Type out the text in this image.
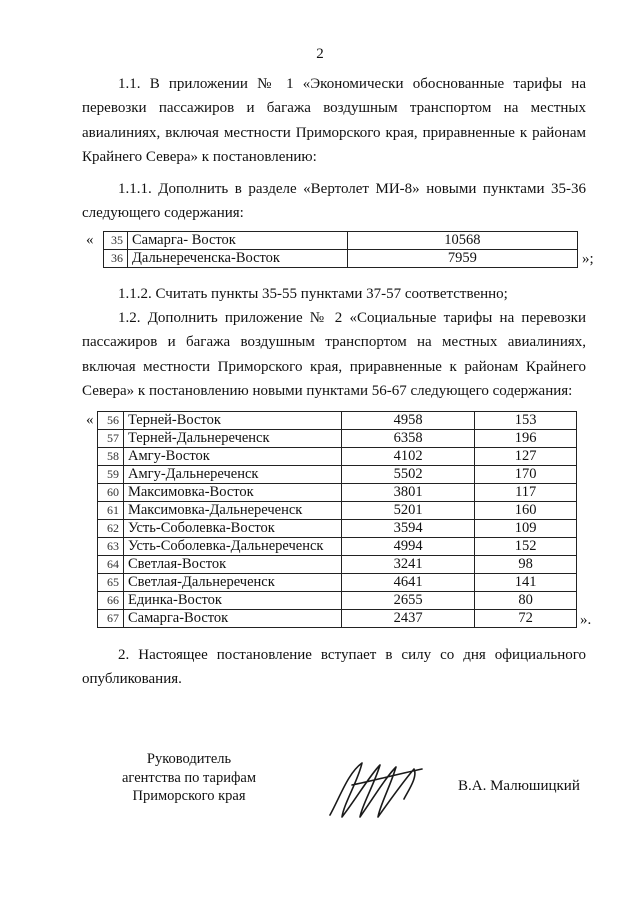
2

1.1. В приложении № 1 «Экономически обоснованные тарифы на перевозки пассажиров и багажа воздушным транспортом на местных авиалиниях, включая местности Приморского края, приравненные к районам Крайнего Севера» к постановлению:

1.1.1. Дополнить в разделе «Вертолет МИ-8» новыми пунктами 35-36 следующего содержания:

« 35	Самарга- Восток	10568
36	Дальнереченска-Восток	7959	»;

1.1.2. Считать пункты 35-55 пунктами 37-57 соответственно;

1.2. Дополнить приложение № 2 «Социальные тарифы на перевозки пассажиров и багажа воздушным транспортом на местных авиалиниях, включая местности Приморского края, приравненные к районам Крайнего Севера» к постановлению новыми пунктами 56-67 следующего содержания:

« 56	Терней-Восток	4958	153
57	Терней-Дальнереченск	6358	196
58	Амгу-Восток	4102	127
59	Амгу-Дальнереченск	5502	170
60	Максимовка-Восток	3801	117
61	Максимовка-Дальнереченск	5201	160
62	Усть-Соболевка-Восток	3594	109
63	Усть-Соболевка-Дальнереченск	4994	152
64	Светлая-Восток	3241	98
65	Светлая-Дальнереченск	4641	141
66	Единка-Восток	2655	80
67	Самарга-Восток	2437	72	».

2. Настоящее постановление вступает в силу со дня официального опубликования.

Руководитель
агентства по тарифам
Приморского края
В.А. Малюшицкий
